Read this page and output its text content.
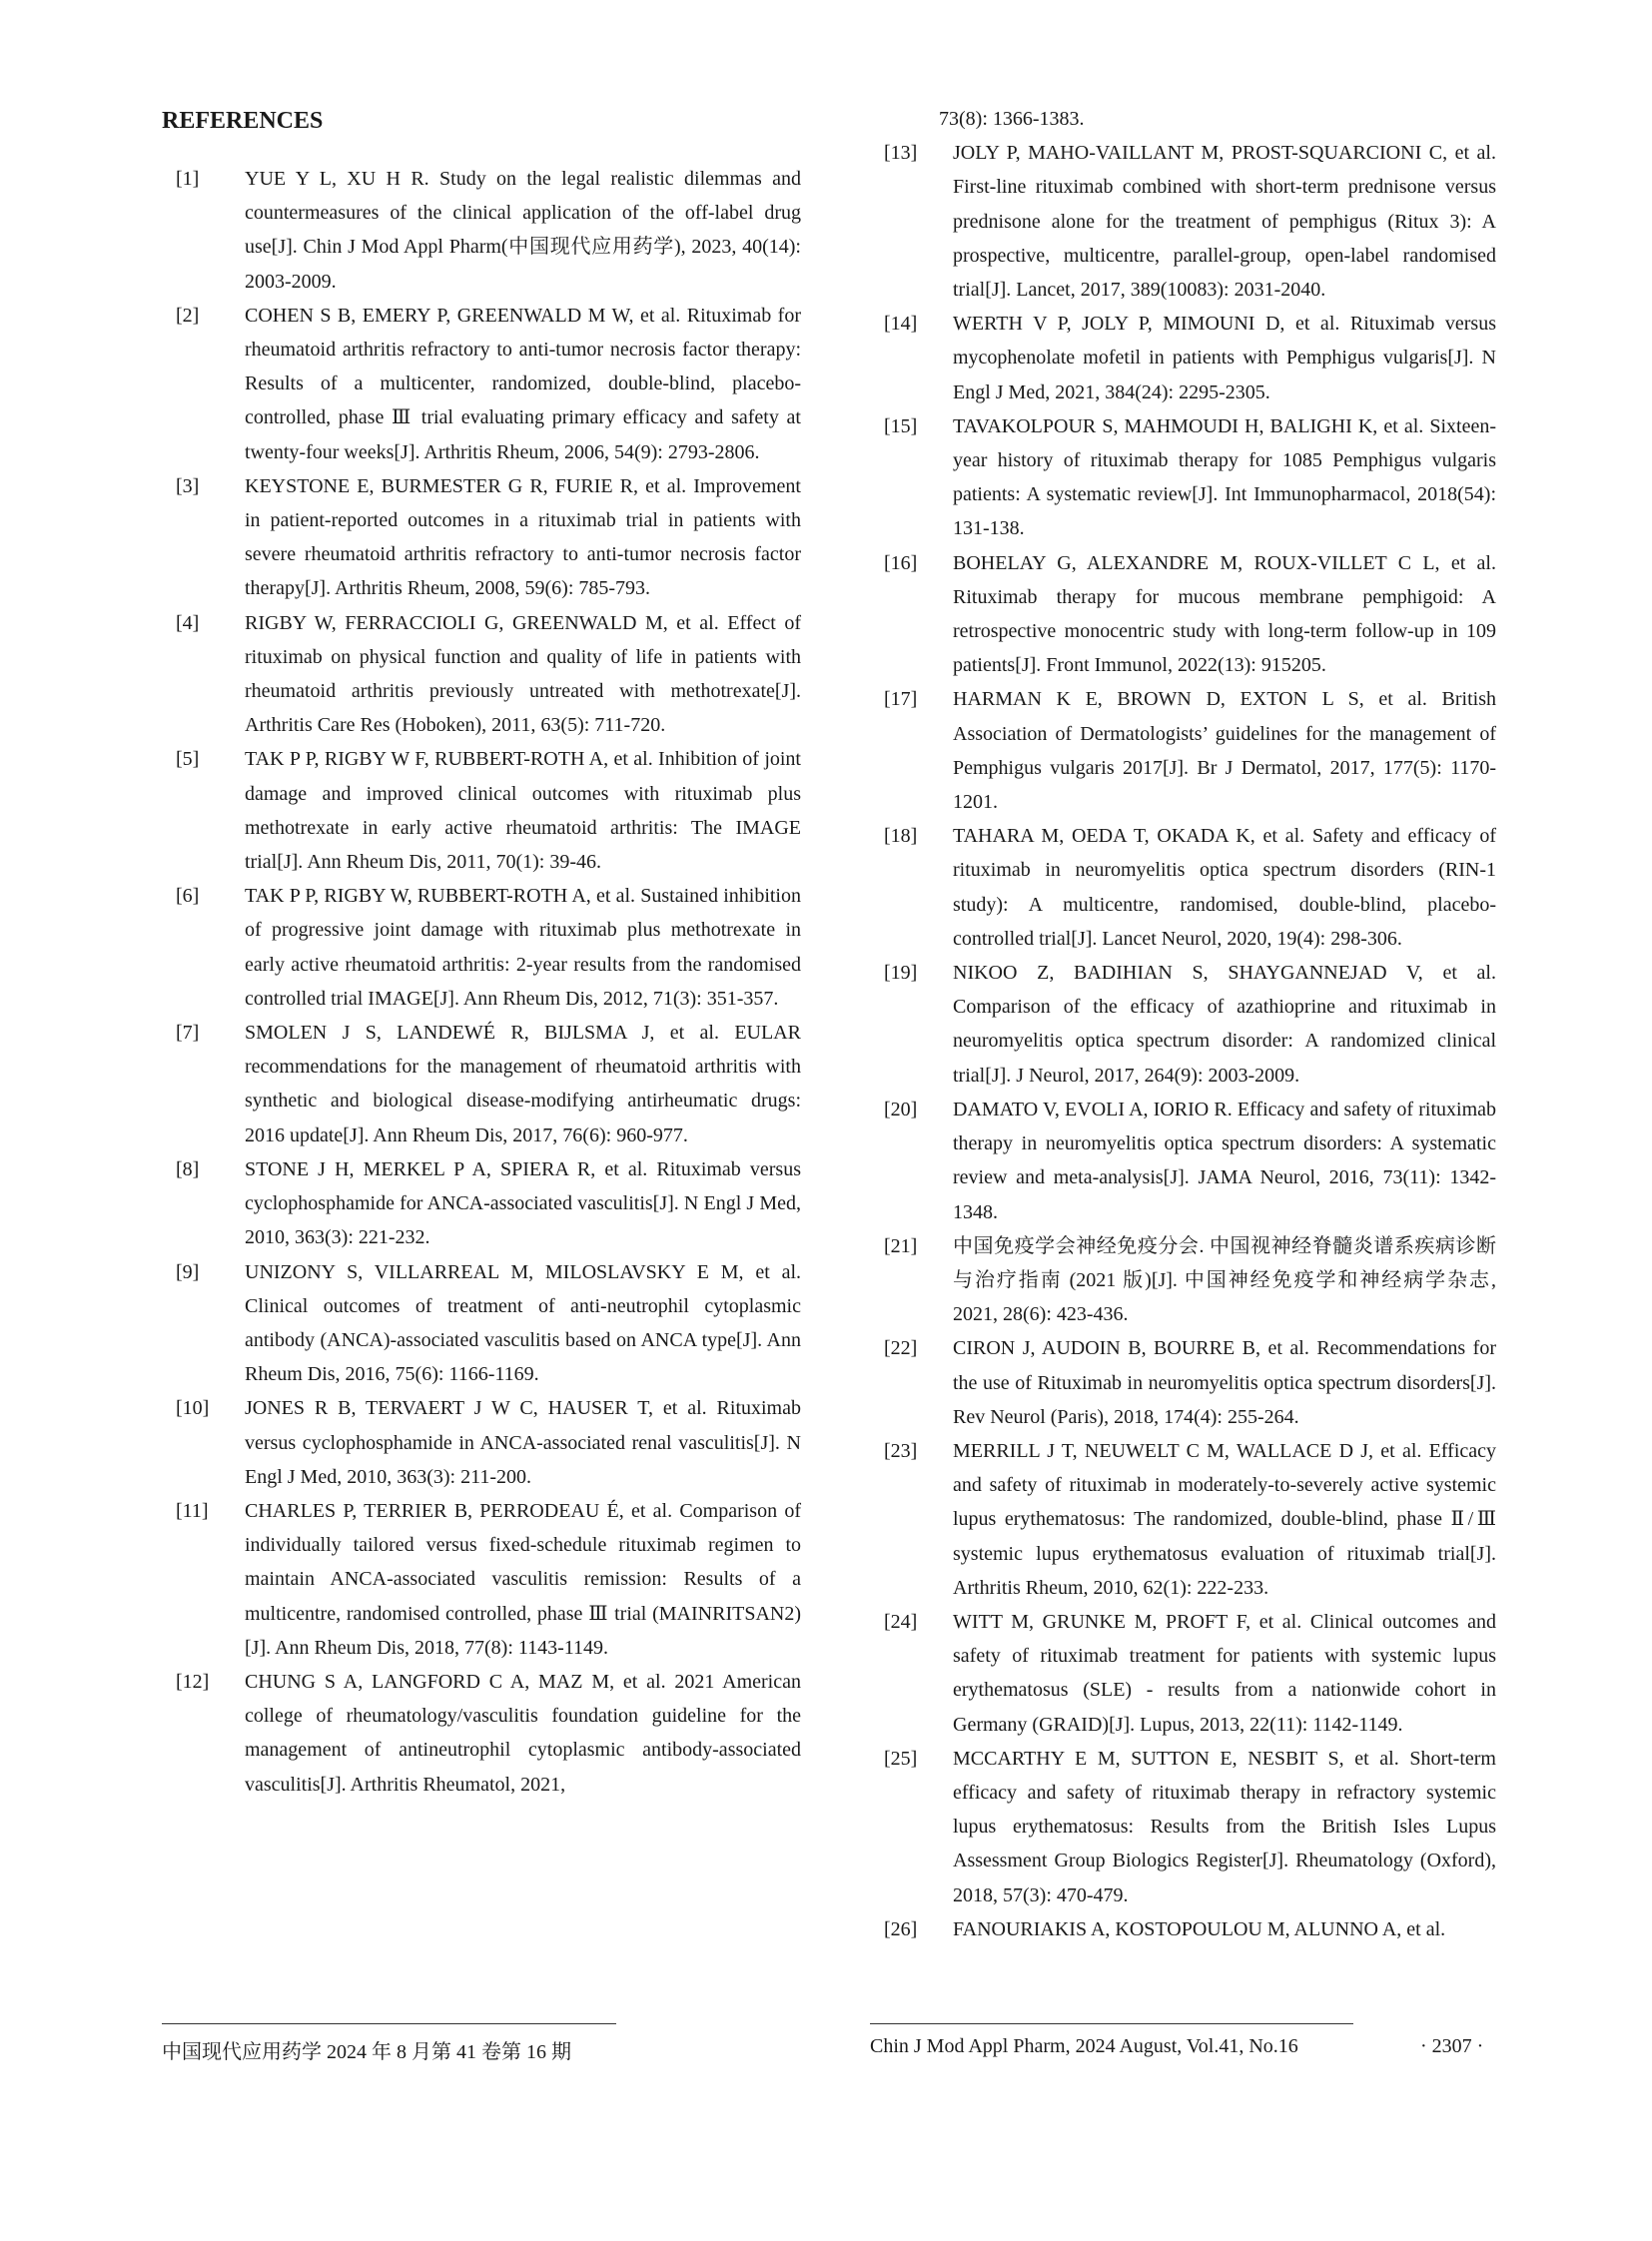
REFERENCES
[1] YUE Y L, XU H R. Study on the legal realistic dilemmas and countermeasures of the clinical application of the off-label drug use[J]. Chin J Mod Appl Pharm(中国现代应用药学), 2023, 40(14): 2003-2009.
[2] COHEN S B, EMERY P, GREENWALD M W, et al. Rituximab for rheumatoid arthritis refractory to anti-tumor necrosis factor therapy: Results of a multicenter, randomized, double-blind, placebo-controlled, phase Ⅲ trial evaluating primary efficacy and safety at twenty-four weeks[J]. Arthritis Rheum, 2006, 54(9): 2793-2806.
[3] KEYSTONE E, BURMESTER G R, FURIE R, et al. Improvement in patient-reported outcomes in a rituximab trial in patients with severe rheumatoid arthritis refractory to anti-tumor necrosis factor therapy[J]. Arthritis Rheum, 2008, 59(6): 785-793.
[4] RIGBY W, FERRACCIOLI G, GREENWALD M, et al. Effect of rituximab on physical function and quality of life in patients with rheumatoid arthritis previously untreated with methotrexate[J]. Arthritis Care Res (Hoboken), 2011, 63(5): 711-720.
[5] TAK P P, RIGBY W F, RUBBERT-ROTH A, et al. Inhibition of joint damage and improved clinical outcomes with rituximab plus methotrexate in early active rheumatoid arthritis: The IMAGE trial[J]. Ann Rheum Dis, 2011, 70(1): 39-46.
[6] TAK P P, RIGBY W, RUBBERT-ROTH A, et al. Sustained inhibition of progressive joint damage with rituximab plus methotrexate in early active rheumatoid arthritis: 2-year results from the randomised controlled trial IMAGE[J]. Ann Rheum Dis, 2012, 71(3): 351-357.
[7] SMOLEN J S, LANDEWÉ R, BIJLSMA J, et al. EULAR recommendations for the management of rheumatoid arthritis with synthetic and biological disease-modifying antirheumatic drugs: 2016 update[J]. Ann Rheum Dis, 2017, 76(6): 960-977.
[8] STONE J H, MERKEL P A, SPIERA R, et al. Rituximab versus cyclophosphamide for ANCA-associated vasculitis[J]. N Engl J Med, 2010, 363(3): 221-232.
[9] UNIZONY S, VILLARREAL M, MILOSLAVSKY E M, et al. Clinical outcomes of treatment of anti-neutrophil cytoplasmic antibody (ANCA)-associated vasculitis based on ANCA type[J]. Ann Rheum Dis, 2016, 75(6): 1166-1169.
[10] JONES R B, TERVAERT J W C, HAUSER T, et al. Rituximab versus cyclophosphamide in ANCA-associated renal vasculitis[J]. N Engl J Med, 2010, 363(3): 211-200.
[11] CHARLES P, TERRIER B, PERRODEAU É, et al. Comparison of individually tailored versus fixed-schedule rituximab regimen to maintain ANCA-associated vasculitis remission: Results of a multicentre, randomised controlled, phase Ⅲ trial (MAINRITSAN2)[J]. Ann Rheum Dis, 2018, 77(8): 1143-1149.
[12] CHUNG S A, LANGFORD C A, MAZ M, et al. 2021 American college of rheumatology/vasculitis foundation guideline for the management of antineutrophil cytoplasmic antibody-associated vasculitis[J]. Arthritis Rheumatol, 2021,
73(8): 1366-1383.
[13] JOLY P, MAHO-VAILLANT M, PROST-SQUARCIONI C, et al. First-line rituximab combined with short-term prednisone versus prednisone alone for the treatment of pemphigus (Ritux 3): A prospective, multicentre, parallel-group, open-label randomised trial[J]. Lancet, 2017, 389(10083): 2031-2040.
[14] WERTH V P, JOLY P, MIMOUNI D, et al. Rituximab versus mycophenolate mofetil in patients with Pemphigus vulgaris[J]. N Engl J Med, 2021, 384(24): 2295-2305.
[15] TAVAKOLPOUR S, MAHMOUDI H, BALIGHI K, et al. Sixteen-year history of rituximab therapy for 1085 Pemphigus vulgaris patients: A systematic review[J]. Int Immunopharmacol, 2018(54): 131-138.
[16] BOHELAY G, ALEXANDRE M, ROUX-VILLET C L, et al. Rituximab therapy for mucous membrane pemphigoid: A retrospective monocentric study with long-term follow-up in 109 patients[J]. Front Immunol, 2022(13): 915205.
[17] HARMAN K E, BROWN D, EXTON L S, et al. British Association of Dermatologists’ guidelines for the management of Pemphigus vulgaris 2017[J]. Br J Dermatol, 2017, 177(5): 1170-1201.
[18] TAHARA M, OEDA T, OKADA K, et al. Safety and efficacy of rituximab in neuromyelitis optica spectrum disorders (RIN-1 study): A multicentre, randomised, double-blind, placebo-controlled trial[J]. Lancet Neurol, 2020, 19(4): 298-306.
[19] NIKOO Z, BADIHIAN S, SHAYGANNEJAD V, et al. Comparison of the efficacy of azathioprine and rituximab in neuromyelitis optica spectrum disorder: A randomized clinical trial[J]. J Neurol, 2017, 264(9): 2003-2009.
[20] DAMATO V, EVOLI A, IORIO R. Efficacy and safety of rituximab therapy in neuromyelitis optica spectrum disorders: A systematic review and meta-analysis[J]. JAMA Neurol, 2016, 73(11): 1342-1348.
[21] 中国免疫学会神经免疫分会. 中国视神经脊髓炎谱系疾病诊断与治疗指南 (2021 版)[J]. 中国神经免疫学和神经病学杂志, 2021, 28(6): 423-436.
[22] CIRON J, AUDOIN B, BOURRE B, et al. Recommendations for the use of Rituximab in neuromyelitis optica spectrum disorders[J]. Rev Neurol (Paris), 2018, 174(4): 255-264.
[23] MERRILL J T, NEUWELT C M, WALLACE D J, et al. Efficacy and safety of rituximab in moderately-to-severely active systemic lupus erythematosus: The randomized, double-blind, phase Ⅱ/Ⅲ systemic lupus erythematosus evaluation of rituximab trial[J]. Arthritis Rheum, 2010, 62(1): 222-233.
[24] WITT M, GRUNKE M, PROFT F, et al. Clinical outcomes and safety of rituximab treatment for patients with systemic lupus erythematosus (SLE) - results from a nationwide cohort in Germany (GRAID)[J]. Lupus, 2013, 22(11): 1142-1149.
[25] MCCARTHY E M, SUTTON E, NESBIT S, et al. Short-term efficacy and safety of rituximab therapy in refractory systemic lupus erythematosus: Results from the British Isles Lupus Assessment Group Biologics Register[J]. Rheumatology (Oxford), 2018, 57(3): 470-479.
[26] FANOURIAKIS A, KOSTOPOULOU M, ALUNNO A, et al.
中国现代应用药学 2024 年 8 月第 41 卷第 16 期	Chin J Mod Appl Pharm, 2024 August, Vol.41, No.16	· 2307 ·
